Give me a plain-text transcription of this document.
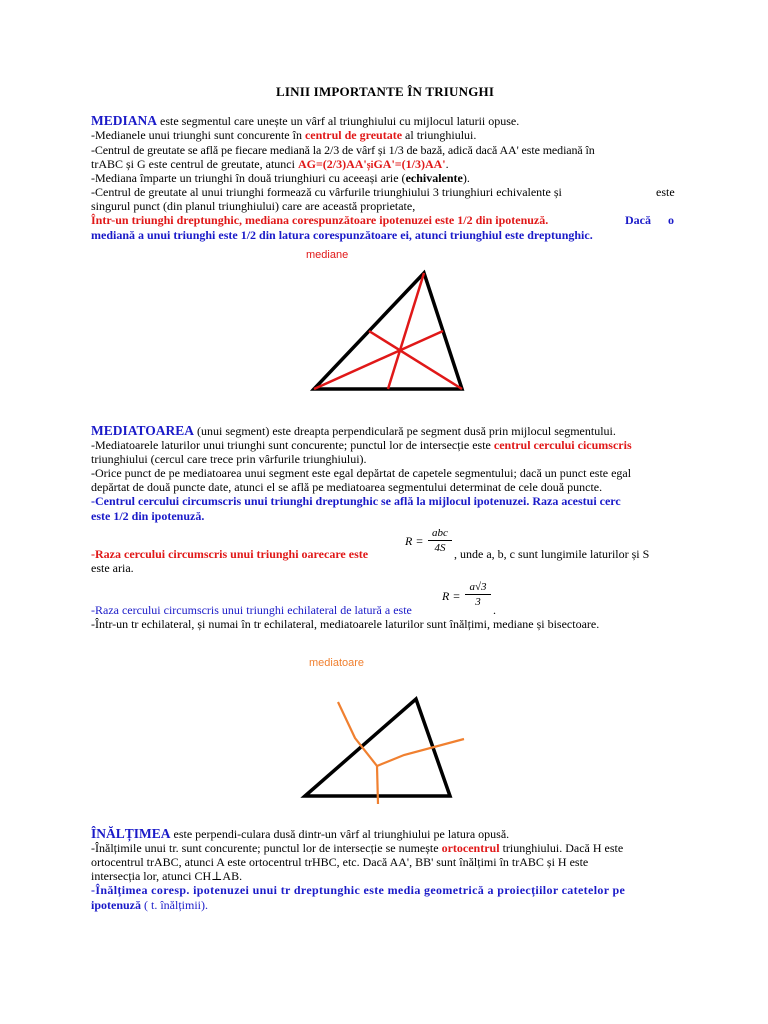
LINII IMPORTANTE ÎN TRIUNGHI
MEDIANA este segmentul care unește un vârf al triunghiului cu mijlocul laturii opuse.
-Medianele unui triunghi sunt concurente în centrul de greutate al triunghiului.
-Centrul de greutate se află pe fiecare mediană la 2/3 de vârf și 1/3 de bază, adică dacă AA' este mediană în
trABC și G este centrul de greutate, atunci AG=(2/3)AA'șiGA'=(1/3)AA'.
-Mediana împarte un triunghi în două triunghiuri cu aceeași arie (echivalente).
-Centrul de greutate al unui triunghi formează cu vârfurile triunghiului 3 triunghiuri echivalente și	este
singurul punct (din planul triunghiului) care are această proprietate,
Într-un triunghi dreptunghic, mediana corespunzătoare ipotenuzei este 1/2 din ipotenuză.	Dacă o
mediană a unui triunghi este 1/2 din latura corespunzătoare ei, atunci triunghiul este dreptunghic.
mediane
MEDIATOAREA (unui segment) este dreapta perpendiculară pe segment dusă prin mijlocul segmentului.
-Mediatoarele laturilor unui triunghi sunt concurente; punctul lor de intersecție este centrul cercului cicumscris
triunghiului (cercul care trece prin vârfurile triunghiului).
-Orice punct de pe mediatoarea unui segment este egal depărtat de capetele segmentului; dacă un punct este egal
depărtat de două puncte date, atunci el se află pe mediatoarea segmentului determinat de cele două puncte.
-Centrul cercului circumscris unui triunghi dreptunghic se află la mijlocul ipotenuzei. Raza acestui cerc
este 1/2 din ipotenuză.
R =
abc
4S
-Raza cercului circumscris unui triunghi oarecare este	, unde a, b, c sunt lungimile laturilor și S
este aria.
R =
a√3
3
-Raza cercului circumscris unui triunghi echilateral de latură a este	.
-Într-un tr echilateral, și numai în tr echilateral, mediatoarele laturilor sunt înălțimi, mediane și bisectoare.
mediatoare
ÎNĂLȚIMEA este perpendi-culara dusă dintr-un vârf al triunghiului pe latura opusă.
-Înălțimile unui tr. sunt concurente; punctul lor de intersecție se numește ortocentrul triunghiului. Dacă H este
ortocentrul trABC, atunci A este ortocentrul trHBC, etc. Dacă AA', BB' sunt înălțimi în trABC și H este
intersecția lor, atunci CH⊥AB.
-Înălțimea coresp. ipotenuzei unui tr dreptunghic este media geometrică a proiecțiilor catetelor pe
ipotenuză ( t. înălțimii).
